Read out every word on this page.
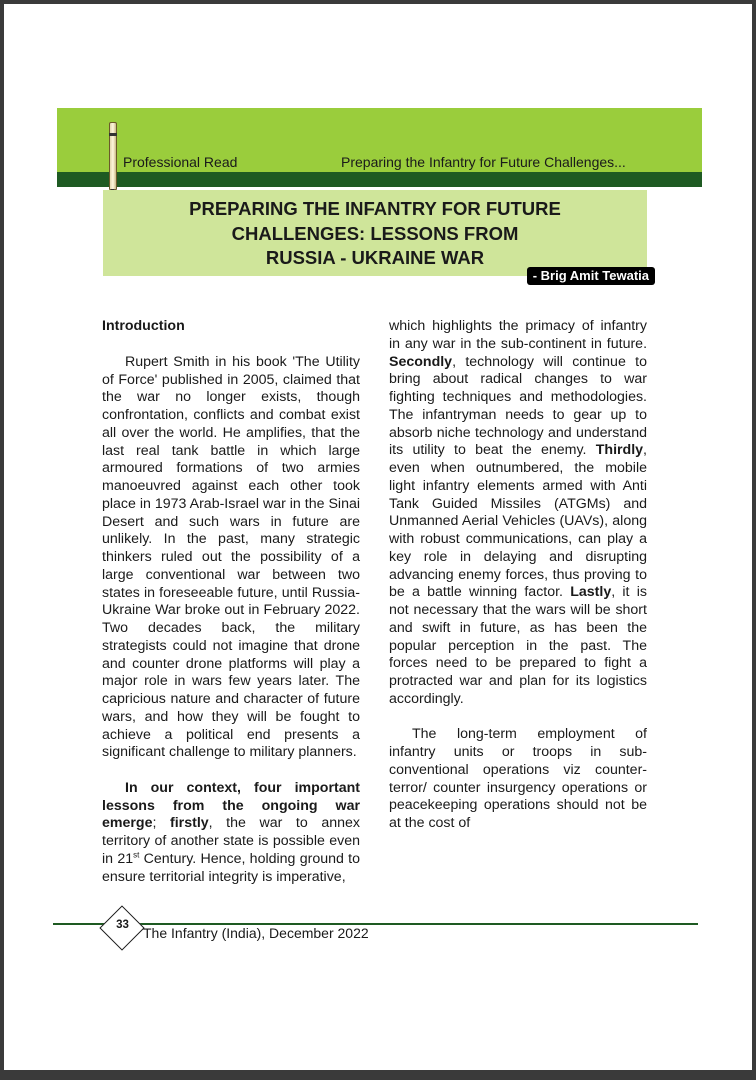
Professional Read	Preparing the Infantry for Future Challenges...
PREPARING THE INFANTRY FOR FUTURE
CHALLENGES: LESSONS FROM
RUSSIA - UKRAINE WAR
- Brig Amit Tewatia

Introduction

Rupert Smith in his book 'The Utility of Force' published in 2005, claimed that the war no longer exists, though confrontation, conflicts and combat exist all over the world. He amplifies, that the last real tank battle in which large armoured formations of two armies manoeuvred against each other took place in 1973 Arab-Israel war in the Sinai Desert and such wars in future are unlikely. In the past, many strategic thinkers ruled out the possibility of a large conventional war between two states in foreseeable future, until Russia-Ukraine War broke out in February 2022. Two decades back, the military strategists could not imagine that drone and counter drone platforms will play a major role in wars few years later. The capricious nature and character of future wars, and how they will be fought to achieve a political end presents a significant challenge to military planners.

In our context, four important lessons from the ongoing war emerge; firstly, the war to annex territory of another state is possible even in 21st Century. Hence, holding ground to ensure territorial integrity is imperative,

which highlights the primacy of infantry in any war in the sub-continent in future. Secondly, technology will continue to bring about radical changes to war fighting techniques and methodologies. The infantryman needs to gear up to absorb niche technology and understand its utility to beat the enemy. Thirdly, even when outnumbered, the mobile light infantry elements armed with Anti Tank Guided Missiles (ATGMs) and Unmanned Aerial Vehicles (UAVs), along with robust communications, can play a key role in delaying and disrupting advancing enemy forces, thus proving to be a battle winning factor. Lastly, it is not necessary that the wars will be short and swift in future, as has been the popular perception in the past. The forces need to be prepared to fight a protracted war and plan for its logistics accordingly.

The long-term employment of infantry units or troops in sub-conventional operations viz counter-terror/ counter insurgency operations or peacekeeping operations should not be at the cost of

33	The Infantry (India), December 2022
